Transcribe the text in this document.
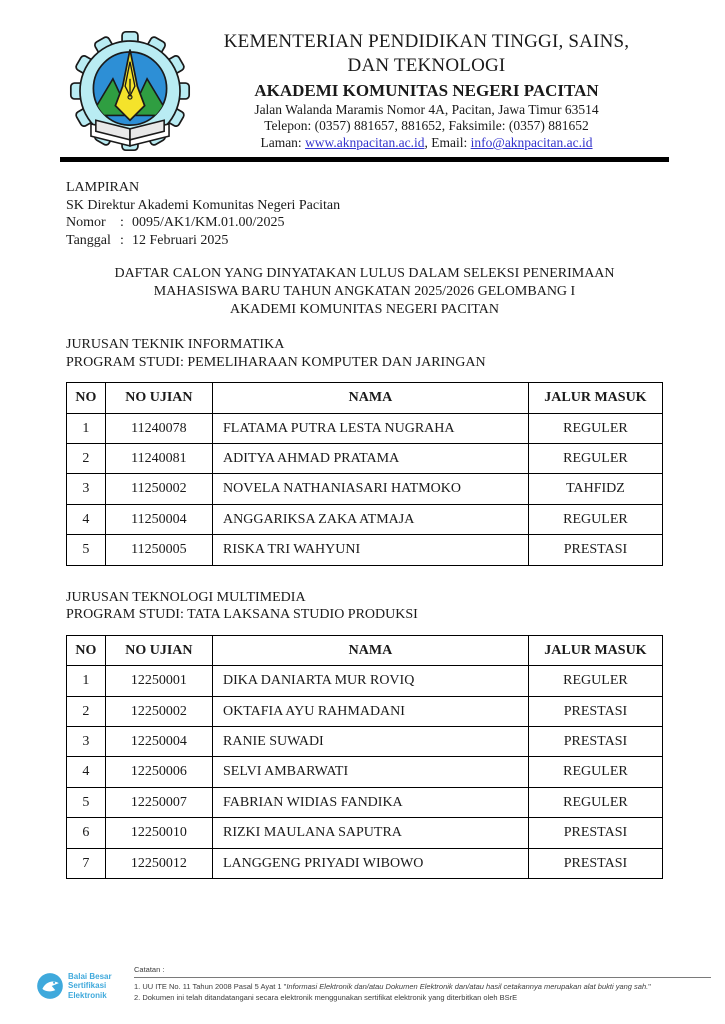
KEMENTERIAN PENDIDIKAN TINGGI, SAINS,
DAN TEKNOLOGI
AKADEMI KOMUNITAS NEGERI PACITAN
Jalan Walanda Maramis Nomor 4A, Pacitan, Jawa Timur 63514
Telepon: (0357) 881657, 881652, Faksimile: (0357) 881652
Laman: www.aknpacitan.ac.id, Email: info@aknpacitan.ac.id
LAMPIRAN
SK Direktur Akademi Komunitas Negeri Pacitan
Nomor	: 0095/AK1/KM.01.00/2025
Tanggal : 12 Februari 2025
DAFTAR CALON YANG DINYATAKAN LULUS DALAM SELEKSI PENERIMAAN
MAHASISWA BARU TAHUN ANGKATAN 2025/2026 GELOMBANG I
AKADEMI KOMUNITAS NEGERI PACITAN
JURUSAN TEKNIK INFORMATIKA
PROGRAM STUDI: PEMELIHARAAN KOMPUTER DAN JARINGAN
NO	NO UJIAN	NAMA	JALUR MASUK
1	11240078	FLATAMA PUTRA LESTA NUGRAHA	REGULER
2	11240081	ADITYA AHMAD PRATAMA	REGULER
3	11250002	NOVELA NATHANIASARI HATMOKO	TAHFIDZ
4	11250004	ANGGARIKSA ZAKA ATMAJA	REGULER
5	11250005	RISKA TRI WAHYUNI	PRESTASI
JURUSAN TEKNOLOGI MULTIMEDIA
PROGRAM STUDI: TATA LAKSANA STUDIO PRODUKSI
NO	NO UJIAN	NAMA	JALUR MASUK
1	12250001	DIKA DANIARTA MUR ROVIQ	REGULER
2	12250002	OKTAFIA AYU RAHMADANI	PRESTASI
3	12250004	RANIE SUWADI	PRESTASI
4	12250006	SELVI AMBARWATI	REGULER
5	12250007	FABRIAN WIDIAS FANDIKA	REGULER
6	12250010	RIZKI MAULANA SAPUTRA	PRESTASI
7	12250012	LANGGENG PRIYADI WIBOWO	PRESTASI
Balai Besar
Sertifikasi
Elektronik
Catatan :
1. UU ITE No. 11 Tahun 2008 Pasal 5 Ayat 1 "Informasi Elektronik dan/atau Dokumen Elektronik dan/atau hasil cetakannya merupakan alat bukti yang sah."
2. Dokumen ini telah ditandatangani secara elektronik menggunakan sertifikat elektronik yang diterbitkan oleh BSrE
